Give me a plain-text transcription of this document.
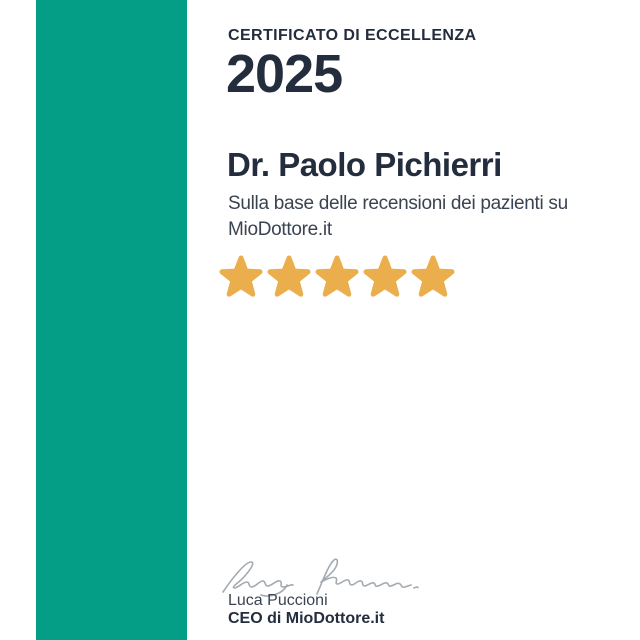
CERTIFICATO DI ECCELLENZA
2025
Dr. Paolo Pichierri
Sulla base delle recensioni dei pazienti su
MioDottore.it
Luca Puccioni
CEO di MioDottore.it
